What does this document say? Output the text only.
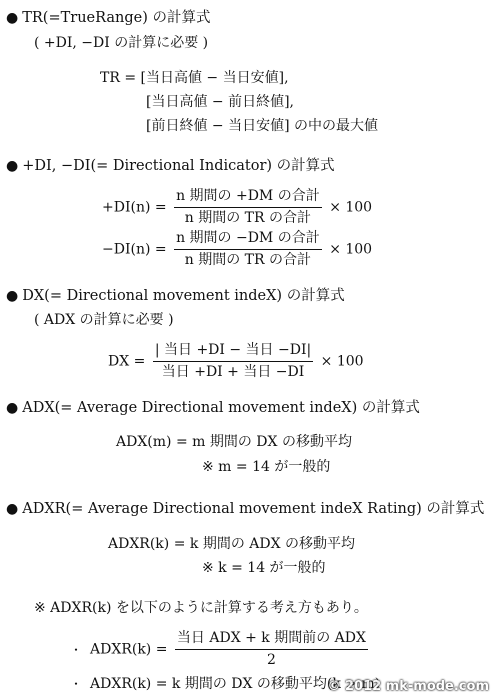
● TR(=TrueRange) の計算式
( +DI, −DI の計算に必要 )
TR = [当日高値 − 当日安値],
[当日高値 − 前日終値],
[前日終値 − 当日安値] の中の最大値
● +DI, −DI(= Directional Indicator) の計算式
$+DI(n) = \frac{\text{n 期間の +DM の合計}}{\text{n 期間の TR の合計}} \times 100$
$-DI(n) = \frac{\text{n 期間の −DM の合計}}{\text{n 期間の TR の合計}} \times 100$
● DX(= Directional movement indeX) の計算式
( ADX の計算に必要 )
DX = $\frac{\text{| 当日 +DI − 当日 −DI|}}{\text{当日 +DI + 当日 −DI}} \times 100$
● ADX(= Average Directional movement indeX) の計算式
ADX(m) = m 期間の DX の移動平均
※ m = 14 が一般的
● ADXR(= Average Directional movement indeX Rating) の計算式
ADXR(k) = k 期間の ADX の移動平均
※ k = 14 が一般的
※ ADXR(k) を以下のように計算する考え方もあり。
・ ADXR(k) = $\frac{\text{当日 ADX + k 期間前の ADX}}{2}$
・ ADXR(k) = k 期間の DX の移動平均(k > m)
© 2012 mk-mode.com
